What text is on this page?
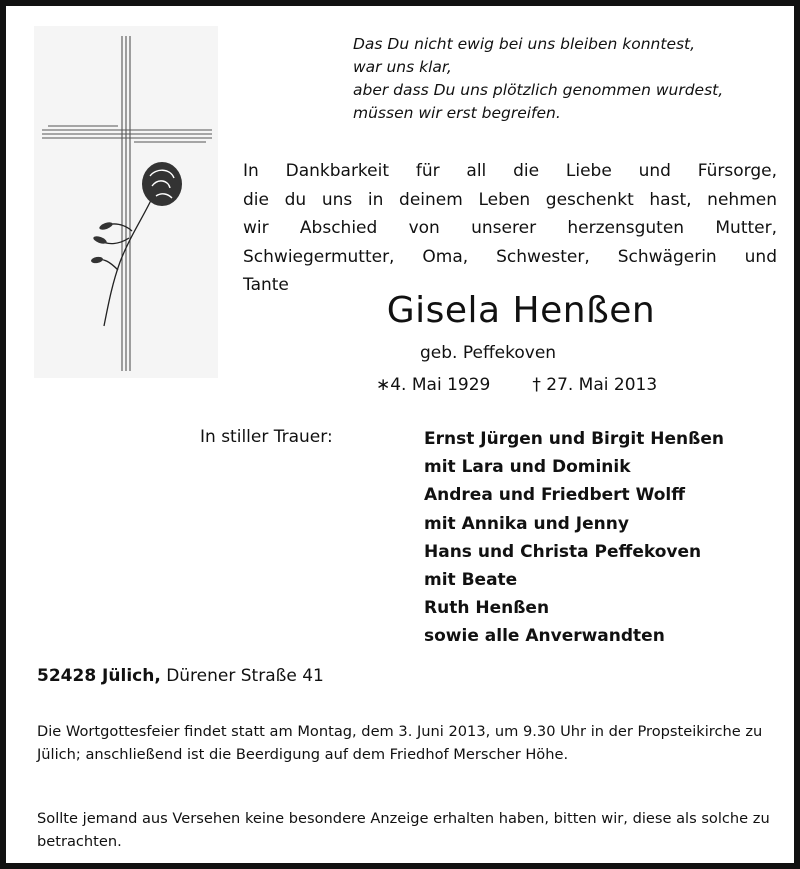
Das Du nicht ewig bei uns bleiben konntest,
war uns klar,
aber dass Du uns plötzlich genommen wurdest,
müssen wir erst begreifen.
In Dankbarkeit für all die Liebe und Fürsorge,
die du uns in deinem Leben geschenkt hast, nehmen
wir Abschied von unserer herzensguten Mutter,
Schwiegermutter, Oma, Schwester, Schwägerin und
Tante
Gisela Henßen
geb. Peffekoven
∗4. Mai 1929 † 27. Mai 2013
In stiller Trauer:	Ernst Jürgen und Birgit Henßen
mit Lara und Dominik
Andrea und Friedbert Wolff
mit Annika und Jenny
Hans und Christa Peffekoven
mit Beate
Ruth Henßen
sowie alle Anverwandten
52428 Jülich, Dürener Straße 41
Die Wortgottesfeier findet statt am Montag, dem 3. Juni 2013, um 9.30 Uhr in der Propsteikirche zu Jülich; anschließend ist die Beerdigung auf dem Friedhof Merscher Höhe.
Sollte jemand aus Versehen keine besondere Anzeige erhalten haben, bitten wir, diese als solche zu betrachten.
